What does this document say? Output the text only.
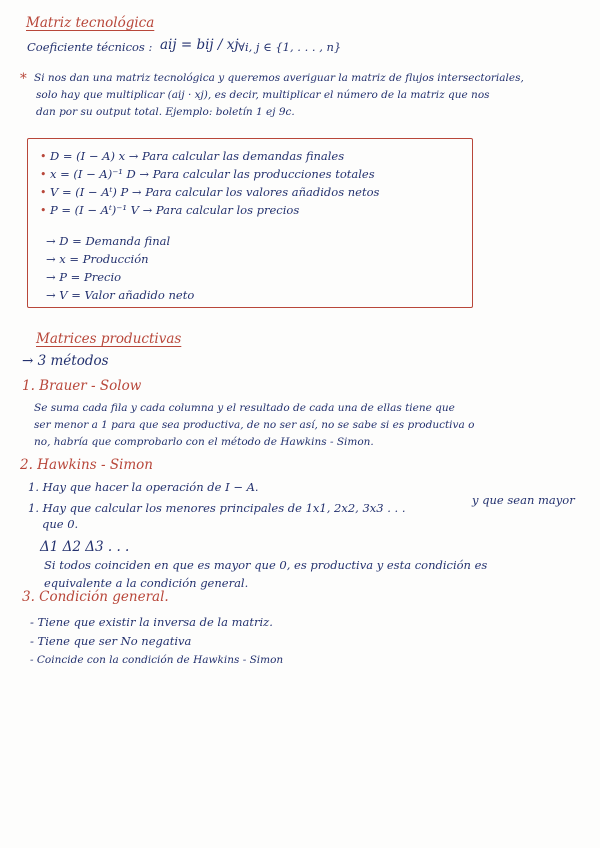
Matriz tecnológica
Coeficiente técnicos : aij = bij / xj ∀i, j ∈ {1, . . . , n}
* Si nos dan una matriz tecnológica y queremos averiguar la matriz de flujos intersectoriales,
solo hay que multiplicar (aij · xj), es decir, multiplicar el número de la matriz que nos
dan por su output total. Ejemplo: boletín 1 ej 9c.
•
•
•
•
D = (I − A) x → Para calcular las demandas finales
x = (I − A)⁻¹ D → Para calcular las producciones totales
V = (I − Aᵗ) P → Para calcular los valores añadidos netos
P = (I − Aᵗ)⁻¹ V → Para calcular los precios
→ D = Demanda final
→ x = Producción
→ P = Precio
→ V = Valor añadido neto
Matrices productivas
→ 3 métodos
1. Brauer - Solow
Se suma cada fila y cada columna y el resultado de cada una de ellas tiene que
ser menor a 1 para que sea productiva, de no ser así, no se sabe si es productiva o
no, habría que comprobarlo con el método de Hawkins - Simon.
2. Hawkins - Simon
1. Hay que hacer la operación de I − A.
1. Hay que calcular los menores principales de 1x1, 2x2, 3x3 . . .
y que sean mayor
que 0.
Δ1 Δ2 Δ3 . . .
Si todos coinciden en que es mayor que 0, es productiva y esta condición es
equivalente a la condición general.
3. Condición general.
- Tiene que existir la inversa de la matriz.
- Tiene que ser No negativa
- Coincide con la condición de Hawkins - Simon
